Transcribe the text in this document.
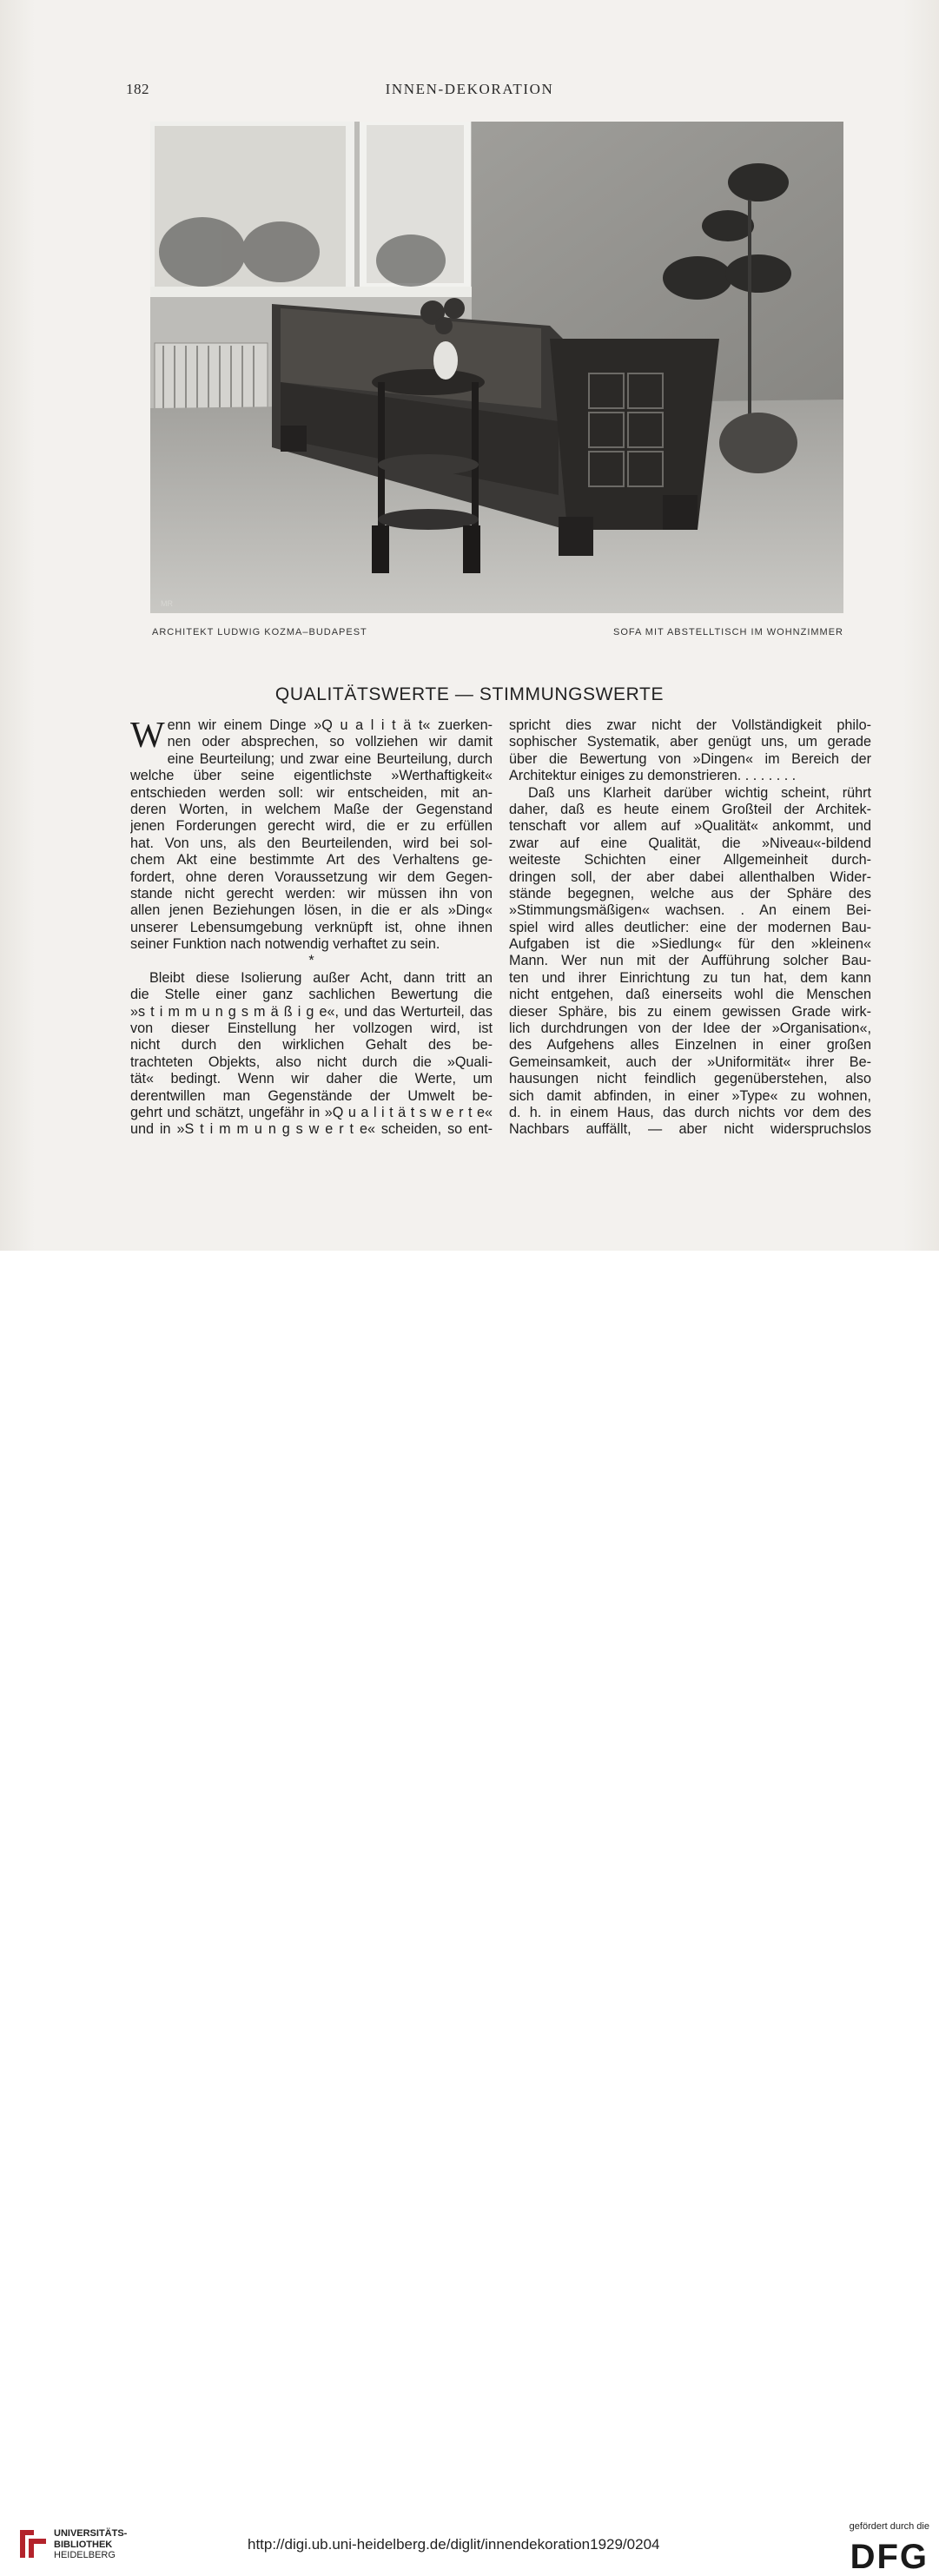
182	INNEN-DEKORATION
MR
ARCHITEKT LUDWIG KOZMA–BUDAPEST	SOFA MIT ABSTELLTISCH IM WOHNZIMMER
QUALITÄTSWERTE — STIMMUNGSWERTE
W enn wir einem Dinge »Q u a l i t ä t« zuerken-
nen oder absprechen, so vollziehen wir damit
eine Beurteilung; und zwar eine Beurteilung, durch
welche über seine eigentlichste »Werthaftigkeit«
entschieden werden soll: wir entscheiden, mit an-
deren Worten, in welchem Maße der Gegenstand
jenen Forderungen gerecht wird, die er zu erfüllen
hat. Von uns, als den Beurteilenden, wird bei sol-
chem Akt eine bestimmte Art des Verhaltens ge-
fordert, ohne deren Voraussetzung wir dem Gegen-
stande nicht gerecht werden: wir müssen ihn von
allen jenen Beziehungen lösen, in die er als »Ding«
unserer Lebensumgebung verknüpft ist, ohne ihnen
seiner Funktion nach notwendig verhaftet zu sein.
*
Bleibt diese Isolierung außer Acht, dann tritt an
die Stelle einer ganz sachlichen Bewertung die
»s t i m m u n g s m ä ß i g e«, und das Werturteil, das
von dieser Einstellung her vollzogen wird, ist
nicht durch den wirklichen Gehalt des be-
trachteten Objekts, also nicht durch die »Quali-
tät« bedingt. Wenn wir daher die Werte, um
derentwillen man Gegenstände der Umwelt be-
gehrt und schätzt, ungefähr in »Q u a l i t ä t s w e r t e«
und in »S t i m m u n g s w e r t e« scheiden, so ent-
spricht dies zwar nicht der Vollständigkeit philo-
sophischer Systematik, aber genügt uns, um gerade
über die Bewertung von »Dingen« im Bereich der
Architektur einiges zu demonstrieren. . . . . . . .
Daß uns Klarheit darüber wichtig scheint, rührt
daher, daß es heute einem Großteil der Architek-
tenschaft vor allem auf »Qualität« ankommt, und
zwar auf eine Qualität, die »Niveau«-bildend
weiteste Schichten einer Allgemeinheit durch-
dringen soll, der aber dabei allenthalben Wider-
stände begegnen, welche aus der Sphäre des
»Stimmungsmäßigen« wachsen. . An einem Bei-
spiel wird alles deutlicher: eine der modernen Bau-
Aufgaben ist die »Siedlung« für den »kleinen«
Mann. Wer nun mit der Aufführung solcher Bau-
ten und ihrer Einrichtung zu tun hat, dem kann
nicht entgehen, daß einerseits wohl die Menschen
dieser Sphäre, bis zu einem gewissen Grade wirk-
lich durchdrungen von der Idee der »Organisation«,
des Aufgehens alles Einzelnen in einer großen
Gemeinsamkeit, auch der »Uniformität« ihrer Be-
hausungen nicht feindlich gegenüberstehen, also
sich damit abfinden, in einer »Type« zu wohnen,
d. h. in einem Haus, das durch nichts vor dem des
Nachbars auffällt, — aber nicht widerspruchslos
UNIVERSITÄTS-
BIBLIOTHEK
HEIDELBERG
http://digi.ub.uni-heidelberg.de/diglit/innendekoration1929/0204
gefördert durch die
DFG
